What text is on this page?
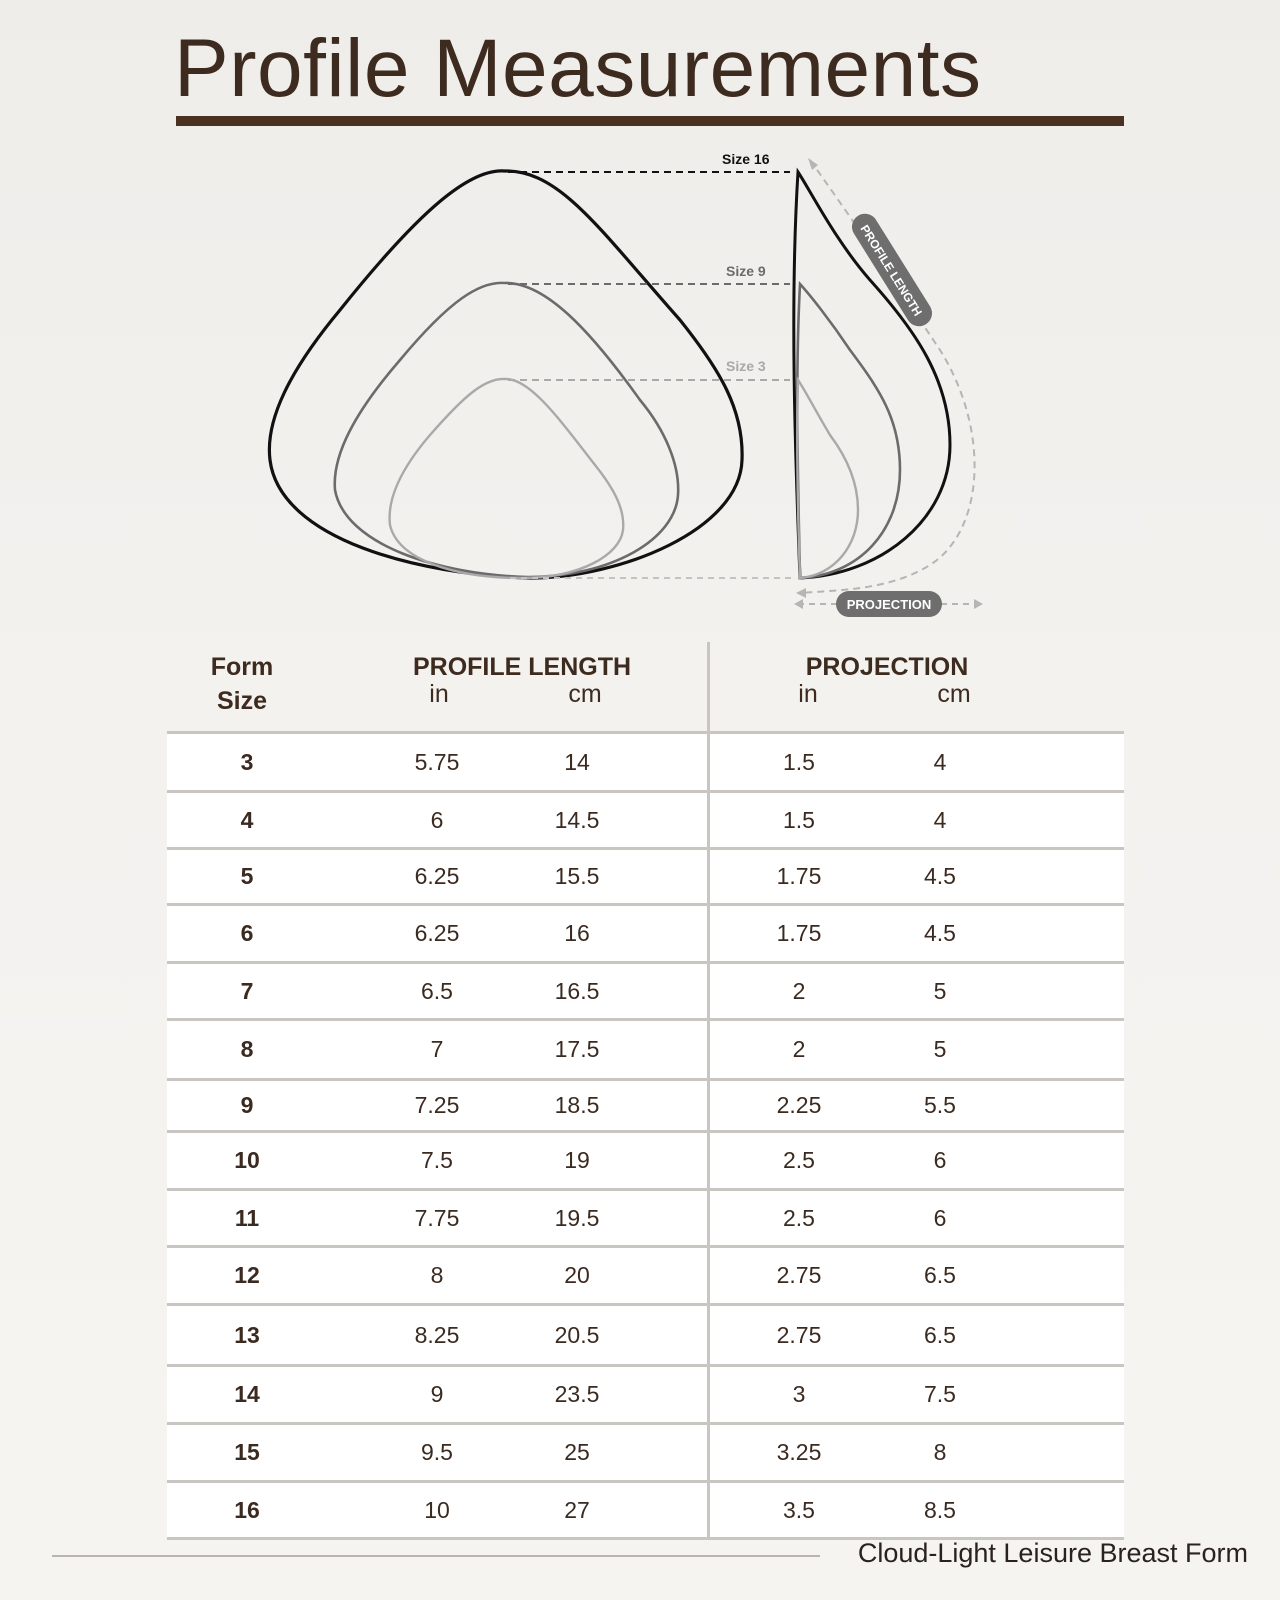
Profile Measurements
Size 16
Size 9
Size 3
PROFILE LENGTH
PROJECTION
Form
Size
PROFILE LENGTH
in	cm
PROJECTION
in	cm
3	5.75	14	1.5	4
4	6	14.5	1.5	4
5	6.25	15.5	1.75	4.5
6	6.25	16	1.75	4.5
7	6.5	16.5	2	5
8	7	17.5	2	5
9	7.25	18.5	2.25	5.5
10	7.5	19	2.5	6
11	7.75	19.5	2.5	6
12	8	20	2.75	6.5
13	8.25	20.5	2.75	6.5
14	9	23.5	3	7.5
15	9.5	25	3.25	8
16	10	27	3.5	8.5
Cloud-Light Leisure Breast Form
